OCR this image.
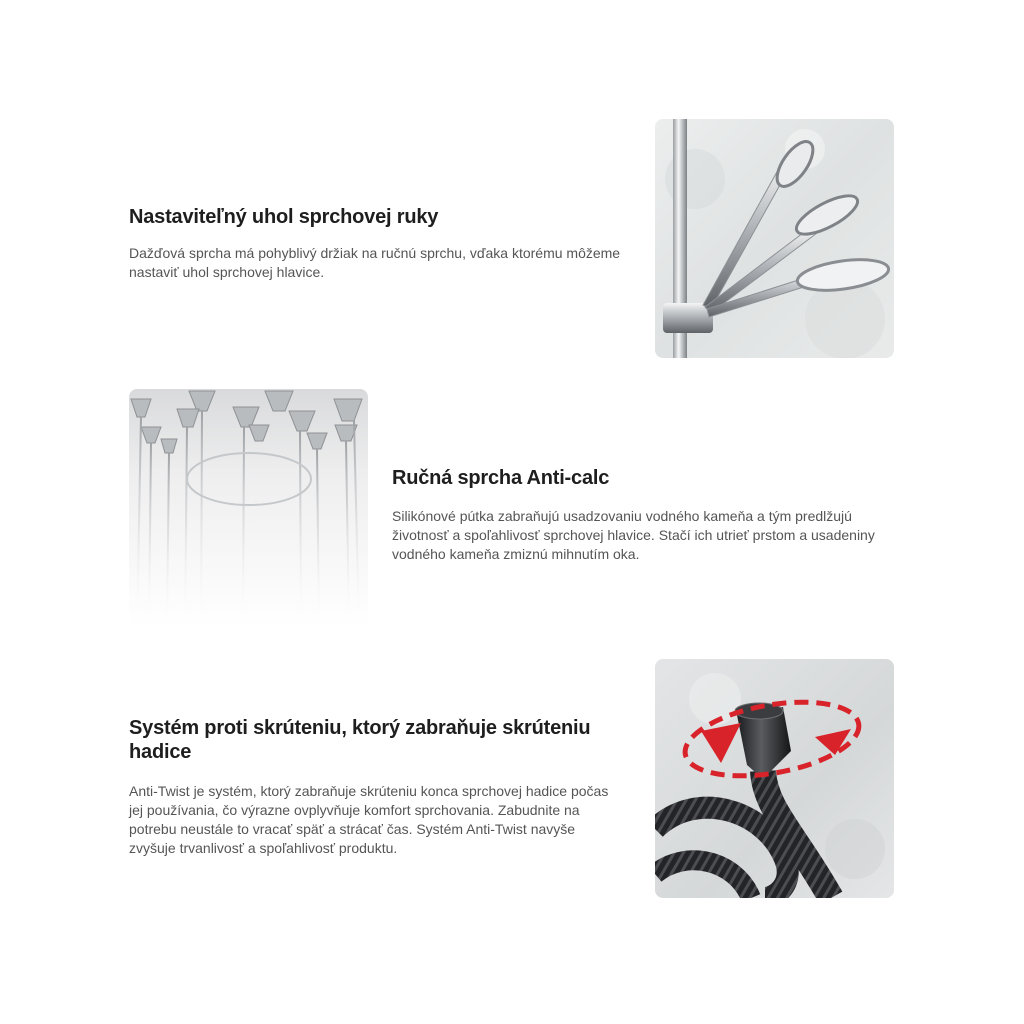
Nastaviteľný uhol sprchovej ruky

Dažďová sprcha má pohyblivý držiak na ručnú sprchu, vďaka ktorému môžeme nastaviť uhol sprchovej hlavice.

Ručná sprcha Anti-calc

Silikónové pútka zabraňujú usadzovaniu vodného kameňa a tým predlžujú životnosť a spoľahlivosť sprchovej hlavice. Stačí ich utrieť prstom a usadeniny vodného kameňa zmiznú mihnutím oka.

Systém proti skrúteniu, ktorý zabraňuje skrúteniu hadice

Anti-Twist je systém, ktorý zabraňuje skrúteniu konca sprchovej hadice počas jej používania, čo výrazne ovplyvňuje komfort sprchovania. Zabudnite na potrebu neustále to vracať späť a strácať čas. Systém Anti-Twist navyše zvyšuje trvanlivosť a spoľahlivosť produktu.
